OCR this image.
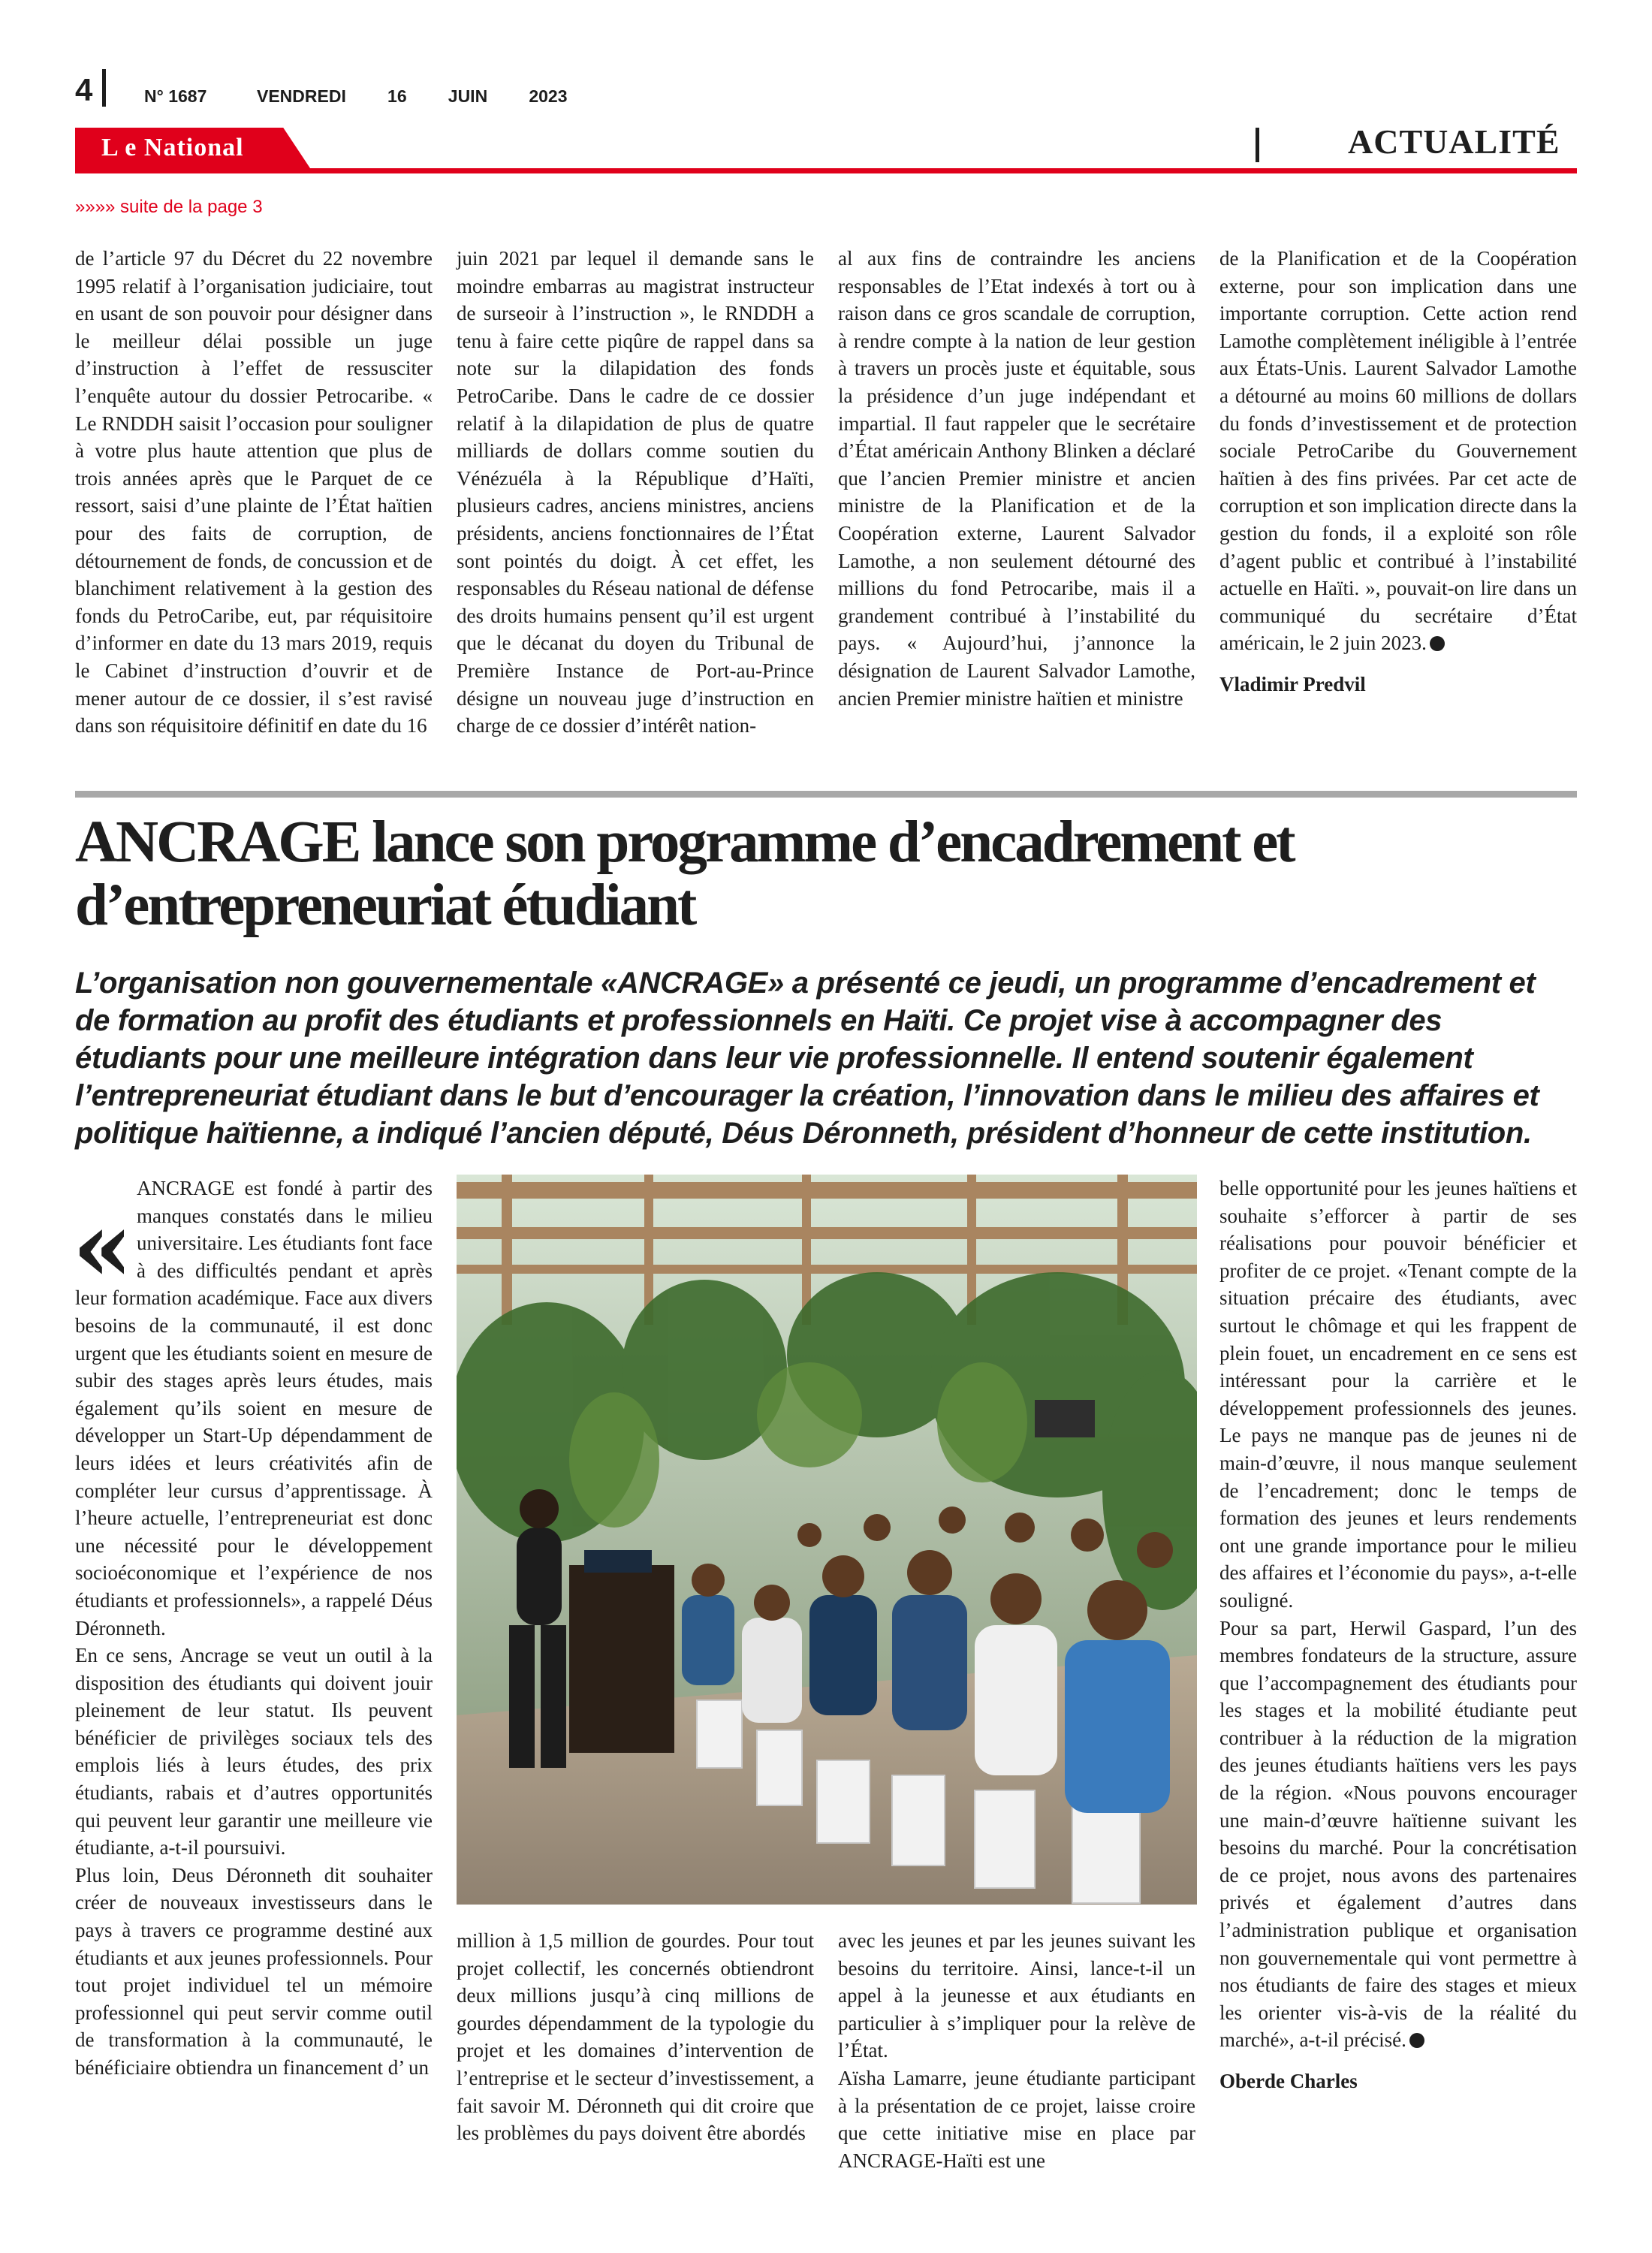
4	N° 1687	VENDREDI   16   JUIN   2023
L e National	ACTUALITÉ
»»»» suite de la page 3

de l’article 97 du Décret du 22 novembre 1995 relatif à l’organisation judiciaire, tout en usant de son pouvoir pour désigner dans le meilleur délai possible un juge d’instruction à l’effet de ressusciter l’enquête autour du dossier Petrocaribe. « Le RNDDH saisit l’occasion pour souligner à votre plus haute attention que plus de trois années après que le Parquet de ce ressort, saisi d’une plainte de l’État haïtien pour des faits de corruption, de détournement de fonds, de concussion et de blanchiment relativement à la gestion des fonds du PetroCaribe, eut, par réquisitoire d’informer en date du 13 mars 2019, requis le Cabinet d’instruction d’ouvrir et de mener autour de ce dossier, il s’est ravisé dans son réquisitoire définitif en date du 16

juin 2021 par lequel il demande sans le moindre embarras au magistrat instructeur de surseoir à l’instruction », le RNDDH a tenu à faire cette piqûre de rappel dans sa note sur la dilapidation des fonds PetroCaribe. Dans le cadre de ce dossier relatif à la dilapidation de plus de quatre milliards de dollars comme soutien du Vénézuéla à la République d’Haïti, plusieurs cadres, anciens ministres, anciens présidents, anciens fonctionnaires de l’État sont pointés du doigt. À cet effet, les responsables du Réseau national de défense des droits humains pensent qu’il est urgent que le décanat du doyen du Tribunal de Première Instance de Port-au-Prince désigne un nouveau juge d’instruction en charge de ce dossier d’intérêt nation-

al aux fins de contraindre les anciens responsables de l’Etat indexés à tort ou à raison dans ce gros scandale de corruption, à rendre compte à la nation de leur gestion à travers un procès juste et équitable, sous la présidence d’un juge indépendant et impartial. Il faut rappeler que le secrétaire d’État américain Anthony Blinken a déclaré que l’ancien Premier ministre et ancien ministre de la Planification et de la Coopération externe, Laurent Salvador Lamothe, a non seulement détourné des millions du fond Petrocaribe, mais il a grandement contribué à l’instabilité du pays. « Aujourd’hui, j’annonce la désignation de Laurent Salvador Lamothe, ancien Premier ministre haïtien et ministre

de la Planification et de la Coopération externe, pour son implication dans une importante corruption. Cette action rend Lamothe complètement inéligible à l’entrée aux États-Unis. Laurent Salvador Lamothe a détourné au moins 60 millions de dollars du fonds d’investissement et de protection sociale PetroCaribe du Gouvernement haïtien à des fins privées. Par cet acte de corruption et son implication directe dans la gestion du fonds, il a exploité son rôle d’agent public et contribué à l’instabilité actuelle en Haïti. », pouvait-on lire dans un communiqué du secrétaire d’État américain, le 2 juin 2023.

Vladimir Predvil

ANCRAGE lance son programme d’encadrement et d’entrepreneuriat étudiant
L’organisation non gouvernementale «ANCRAGE» a présenté ce jeudi, un programme d’encadrement et de formation au profit des étudiants et professionnels en Haïti. Ce projet vise à accompagner des étudiants pour une meilleure intégration dans leur vie professionnelle. Il entend soutenir également l’entrepreneuriat étudiant dans le but d’encourager la création, l’innovation dans le milieu des affaires et politique haïtienne, a indiqué l’ancien député, Déus Déronneth, président d’honneur de cette institution.
«

ANCRAGE est fondé à partir des manques constatés dans le milieu universitaire. Les étudiants font face à des difficultés pendant et après leur formation académique. Face aux divers besoins de la communauté, il est donc urgent que les étudiants soient en mesure de subir des stages après leurs études, mais également qu’ils soient en mesure de développer un Start-Up dépendamment de leurs idées et leurs créativités afin de compléter leur cursus d’apprentissage. À l’heure actuelle, l’entrepreneuriat est donc une nécessité pour le développement socioéconomique et l’expérience de nos étudiants et professionnels», a rappelé Déus Déronneth.

En ce sens, Ancrage se veut un outil à la disposition des étudiants qui doivent jouir pleinement de leur statut. Ils peuvent bénéficier de privilèges sociaux tels des emplois liés à leurs études, des prix étudiants, rabais et d’autres opportunités qui peuvent leur garantir une meilleure vie étudiante, a-t-il poursuivi.

Plus loin, Deus Déronneth dit souhaiter créer de nouveaux investisseurs dans le pays à travers ce programme destiné aux étudiants et aux jeunes professionnels. Pour tout projet individuel tel un mémoire professionnel qui peut servir comme outil de transformation à la communauté, le bénéficiaire obtiendra un financement d’ un

million à 1,5 million de gourdes. Pour tout projet collectif, les concernés obtiendront deux millions jusqu’à cinq millions de gourdes dépendamment de la typologie du projet et les domaines d’intervention de l’entreprise et le secteur d’investissement, a fait savoir M. Déronneth qui dit croire que les problèmes du pays doivent être abordés

avec les jeunes et par les jeunes suivant les besoins du territoire. Ainsi, lance-t-il un appel à la jeunesse et aux étudiants en particulier à s’impliquer pour la relève de l’État.

Aïsha Lamarre, jeune étudiante participant à la présentation de ce projet, laisse croire que cette initiative mise en place par ANCRAGE-Haïti est une

belle opportunité pour les jeunes haïtiens et souhaite s’efforcer à partir de ses réalisations pour pouvoir bénéficier et profiter de ce projet. «Tenant compte de la situation précaire des étudiants, avec surtout le chômage et qui les frappent de plein fouet, un encadrement en ce sens est intéressant pour la carrière et le développement professionnels des jeunes. Le pays ne manque pas de jeunes ni de main-d’œuvre, il nous manque seulement de l’encadrement; donc le temps de formation des jeunes et leurs rendements ont une grande importance pour le milieu des affaires et l’économie du pays», a-t-elle souligné.

Pour sa part, Herwil Gaspard, l’un des membres fondateurs de la structure, assure que l’accompagnement des étudiants pour les stages et la mobilité étudiante peut contribuer à la réduction de la migration des jeunes étudiants haïtiens vers les pays de la région. «Nous pouvons encourager une main-d’œuvre haïtienne suivant les besoins du marché. Pour la concrétisation de ce projet, nous avons des partenaires privés et également d’autres dans l’administration publique et organisation non gouvernementale qui vont permettre à nos étudiants de faire des stages et mieux les orienter vis-à-vis de la réalité du marché», a-t-il précisé.

Oberde Charles
